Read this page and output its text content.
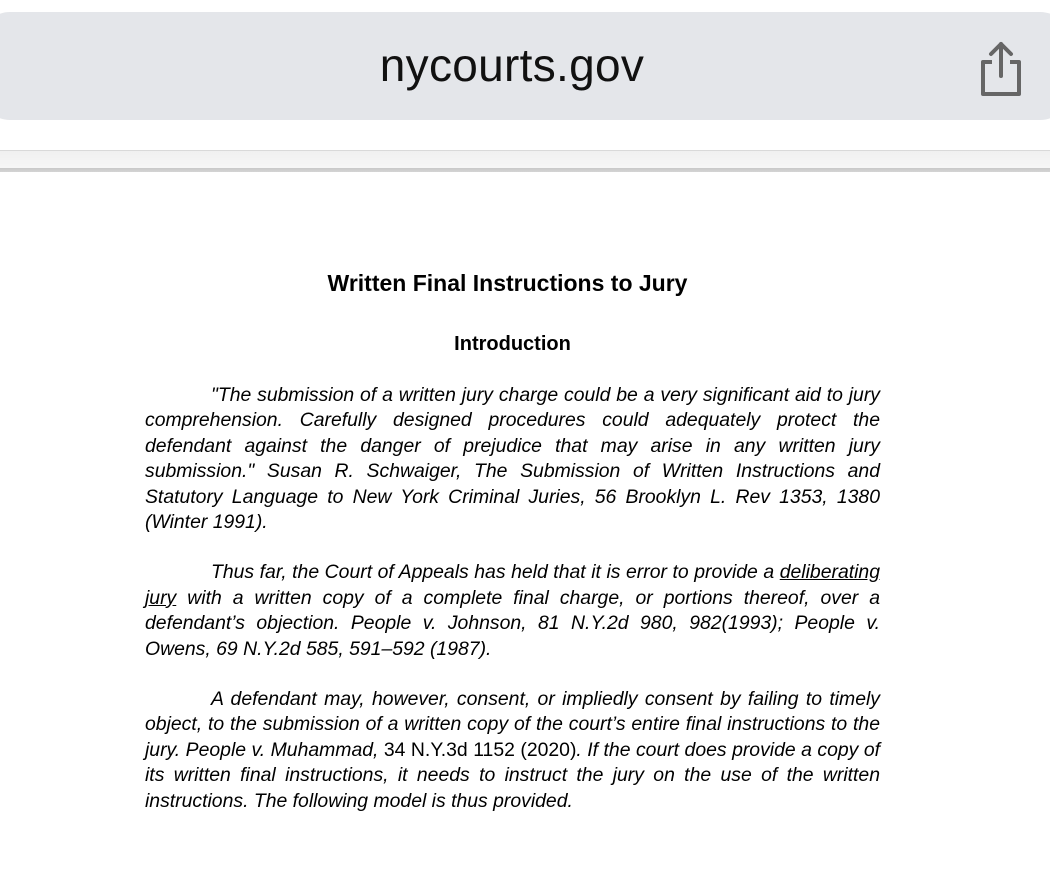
nycourts.gov
Written Final Instructions to Jury
Introduction

"The submission of a written jury charge could be a very significant aid to jury comprehension. Carefully designed procedures could adequately protect the defendant against the danger of prejudice that may arise in any written jury submission." Susan R. Schwaiger, The Submission of Written Instructions and Statutory Language to New York Criminal Juries, 56 Brooklyn L. Rev 1353, 1380 (Winter 1991).

Thus far, the Court of Appeals has held that it is error to provide a deliberating jury with a written copy of a complete final charge, or portions thereof, over a defendant’s objection. People v. Johnson, 81 N.Y.2d 980, 982(1993); People v. Owens, 69 N.Y.2d 585, 591–592 (1987).

A defendant may, however, consent, or impliedly consent by failing to timely object, to the submission of a written copy of the court’s entire final instructions to the jury. People v. Muhammad, 34 N.Y.3d 1152 (2020). If the court does provide a copy of its written final instructions, it needs to instruct the jury on the use of the written instructions. The following model is thus provided.
